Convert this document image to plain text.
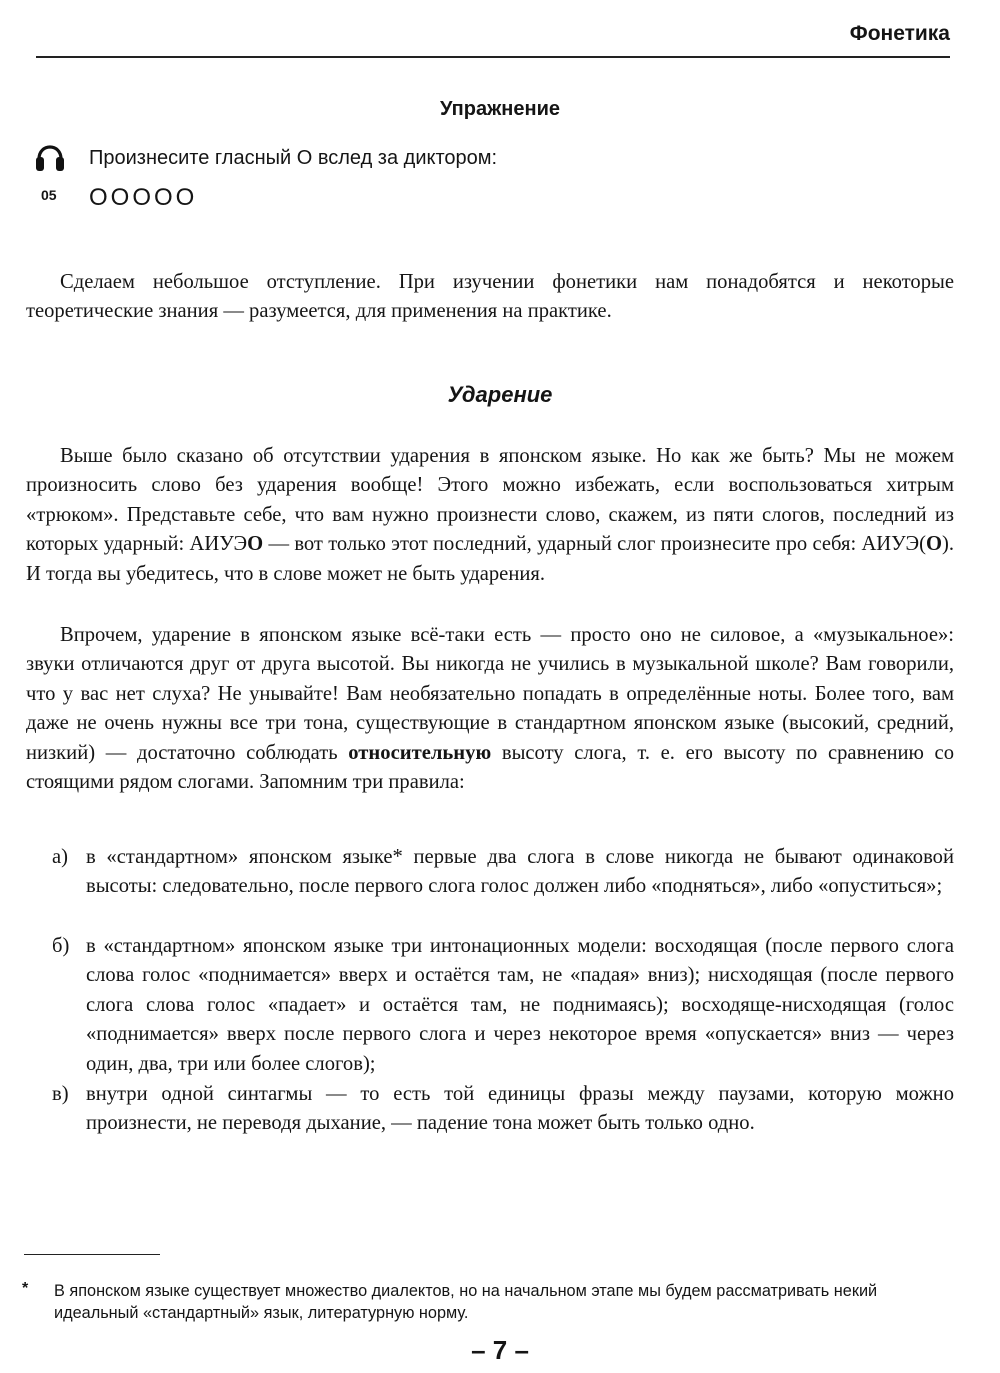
Фонетика
Упражнение
05
Произнесите гласный О вслед за диктором:
ООООО

Сделаем небольшое отступление. При изучении фонетики нам понадобятся и некоторые теоретические знания — разумеется, для применения на практике.

Ударение

Выше было сказано об отсутствии ударения в японском языке. Но как же быть? Мы не можем произносить слово без ударения вообще! Этого можно избежать, если воспользоваться хитрым «трюком». Представьте себе, что вам нужно произнести слово, скажем, из пяти слогов, последний из которых ударный: АИУЭО — вот только этот последний, ударный слог произнесите про себя: АИУЭ(О). И тогда вы убедитесь, что в слове может не быть ударения.

Впрочем, ударение в японском языке всё-таки есть — просто оно не силовое, а «музыкальное»: звуки отличаются друг от друга высотой. Вы никогда не учились в музыкальной школе? Вам говорили, что у вас нет слуха? Не унывайте! Вам необязательно попадать в определённые ноты. Более того, вам даже не очень нужны все три тона, существующие в стандартном японском языке (высокий, средний, низкий) — достаточно соблюдать относительную высоту слога, т. е. его высоту по сравнению со стоящими рядом слогами. Запомним три правила:

а) в «стандартном» японском языке* первые два слога в слове никогда не бывают одинаковой высоты: следовательно, после первого слога голос должен либо «подняться», либо «опуститься»;
б) в «стандартном» японском языке три интонационных модели: восходящая (после первого слога слова голос «поднимается» вверх и остаётся там, не «падая» вниз); нисходящая (после первого слога слова голос «падает» и остаётся там, не поднимаясь); восходяще-нисходящая (голос «поднимается» вверх после первого слога и через некоторое время «опускается» вниз — через один, два, три или более слогов);
в) внутри одной синтагмы — то есть той единицы фразы между паузами, которую можно произнести, не переводя дыхание, — падение тона может быть только одно.
* В японском языке существует множество диалектов, но на начальном этапе мы будем рассматривать некий идеальный «стандартный» язык, литературную норму.
– 7 –
